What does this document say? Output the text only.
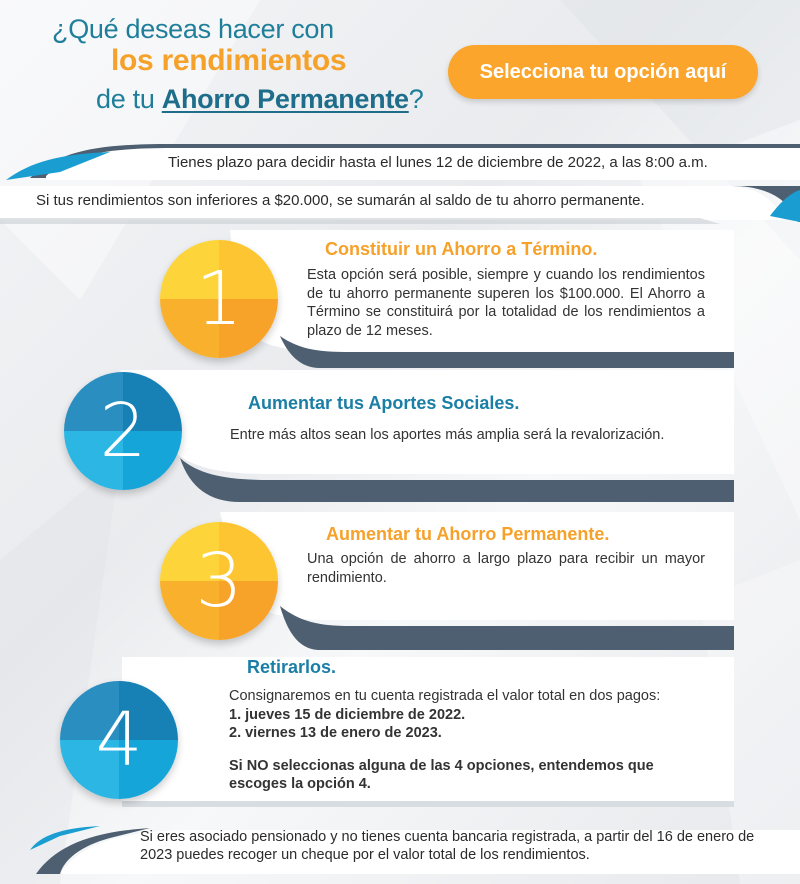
¿Qué deseas hacer con
los rendimientos
de tu Ahorro Permanente?
Selecciona tu opción aquí
Tienes plazo para decidir hasta el lunes 12 de diciembre de 2022, a las 8:00 a.m.
Si tus rendimientos son inferiores a $20.000, se sumarán al saldo de tu ahorro permanente.
1
Constituir un Ahorro a Término.
Esta opción será posible, siempre y cuando los rendimientos de tu ahorro permanente superen los $100.000. El Ahorro a Término se constituirá por la totalidad de los rendimientos a plazo de 12 meses.
2	Aumentar tus Aportes Sociales.
Entre más altos sean los aportes más amplia será la revalorización.
3
Aumentar tu Ahorro Permanente.
Una opción de ahorro a largo plazo para recibir un mayor rendimiento.
4
Retirarlos.
Consignaremos en tu cuenta registrada el valor total en dos pagos:
1. jueves 15 de diciembre de 2022.
2. viernes 13 de enero de 2023.
Si NO seleccionas alguna de las 4 opciones, entendemos que escoges la opción 4.
Si eres asociado pensionado y no tienes cuenta bancaria registrada, a partir del 16 de enero de 2023 puedes recoger un cheque por el valor total de los rendimientos.
